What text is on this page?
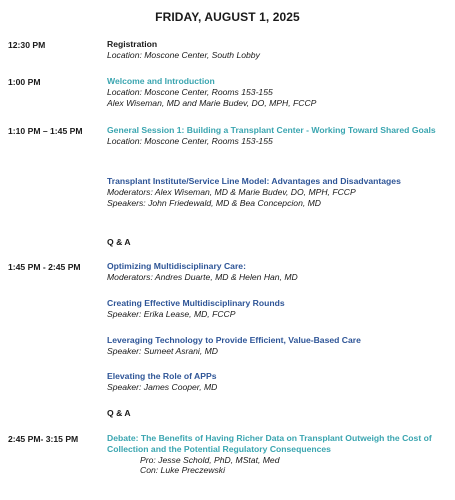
FRIDAY, AUGUST 1, 2025
12:30 PM	Registration
Location: Moscone Center, South Lobby
1:00 PM	Welcome and Introduction
Location: Moscone Center, Rooms 153-155
Alex Wiseman, MD and Marie Budev, DO, MPH, FCCP
1:10 PM – 1:45 PM	General Session 1: Building a Transplant Center - Working Toward Shared Goals
Location: Moscone Center, Rooms 153-155
Transplant Institute/Service Line Model: Advantages and Disadvantages
Moderators: Alex Wiseman, MD & Marie Budev, DO, MPH, FCCP
Speakers: John Friedewald, MD & Bea Concepcion, MD
Q & A
1:45 PM - 2:45 PM	Optimizing Multidisciplinary Care:
Moderators: Andres Duarte, MD & Helen Han, MD
Creating Effective Multidisciplinary Rounds
Speaker: Erika Lease, MD, FCCP
Leveraging Technology to Provide Efficient, Value-Based Care
Speaker: Sumeet Asrani, MD
Elevating the Role of APPs
Speaker: James Cooper, MD
Q & A
2:45 PM- 3:15 PM	Debate: The Benefits of Having Richer Data on Transplant Outweigh the Cost of Collection and the Potential Regulatory Consequences
Pro: Jesse Schold, PhD, MStat, Med
Con: Luke Preczewski
